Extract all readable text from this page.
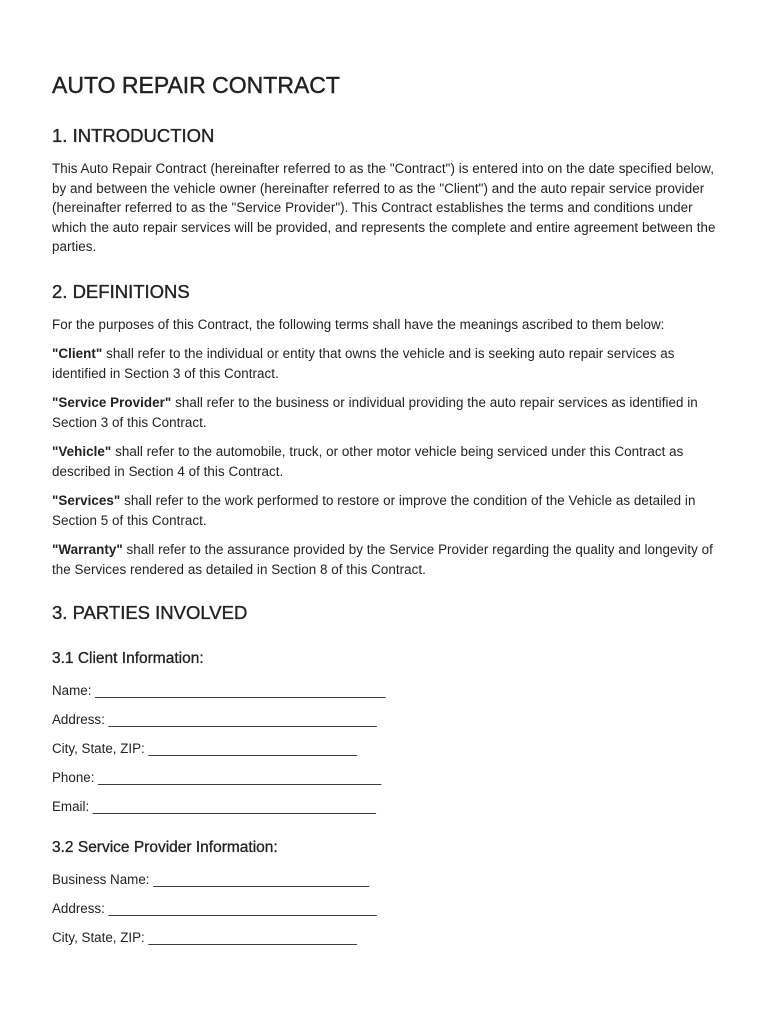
AUTO REPAIR CONTRACT
1. INTRODUCTION

This Auto Repair Contract (hereinafter referred to as the "Contract") is entered into on the date specified below, by and between the vehicle owner (hereinafter referred to as the "Client") and the auto repair service provider (hereinafter referred to as the "Service Provider"). This Contract establishes the terms and conditions under which the auto repair services will be provided, and represents the complete and entire agreement between the parties.

2. DEFINITIONS

For the purposes of this Contract, the following terms shall have the meanings ascribed to them below:

"Client" shall refer to the individual or entity that owns the vehicle and is seeking auto repair services as identified in Section 3 of this Contract.

"Service Provider" shall refer to the business or individual providing the auto repair services as identified in Section 3 of this Contract.

"Vehicle" shall refer to the automobile, truck, or other motor vehicle being serviced under this Contract as described in Section 4 of this Contract.

"Services" shall refer to the work performed to restore or improve the condition of the Vehicle as detailed in Section 5 of this Contract.

"Warranty" shall refer to the assurance provided by the Service Provider regarding the quality and longevity of the Services rendered as detailed in Section 8 of this Contract.

3. PARTIES INVOLVED
3.1 Client Information:

Name: _______________________________________

Address: ____________________________________

City, State, ZIP: ____________________________

Phone: ______________________________________

Email: ______________________________________

3.2 Service Provider Information:

Business Name: _____________________________

Address: ____________________________________

City, State, ZIP: ____________________________
